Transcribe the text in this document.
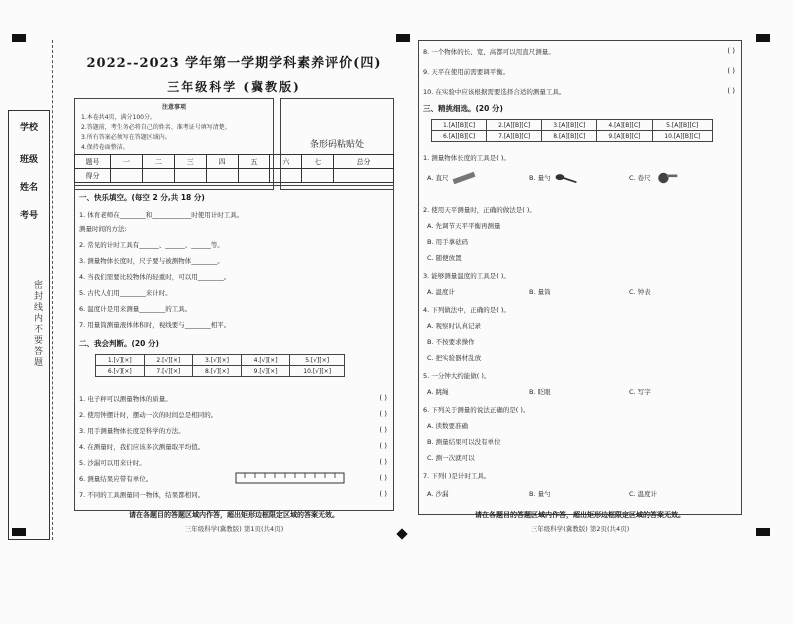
学校
班级
姓名
考号
密封线内不要答题
2022--2023 学年第一学期学科素养评价(四)
三年级科学 (冀教版)
注意事项
1.本卷共4页，满分100分。
2.答题前，考生务必将自己的姓名、准考证号填写清楚。
3.所有答案必须写在答题区域内。
4.保持卷面整洁。	条形码粘贴处
题号	一	二	三	四	五	六	七	总分
得分								
一、快乐填空。(每空 2 分,共 18 分)
1. 体育老师在________和____________时使用计时工具。
测量时间的方法:
2. 常见的计时工具有______、______、______等。
3. 测量物体长度时，尺子要与被测物体________。
4. 当我们需要比较物体的轻重时，可以用________。
5. 古代人们用________来计时。
6. 温度计是用来测量________的工具。
7. 用量筒测量液体体积时，视线要与________相平。
二、我会判断。(20 分)
1.[√][×]	2.[√][×]	3.[√][×]	4.[√][×]	5.[√][×]
6.[√][×]	7.[√][×]	8.[√][×]	9.[√][×]	10.[√][×]
1. 电子秤可以测量物体的质量。	( )
2. 使用钟摆计时，摆动一次的时间总是相同的。	( )
3. 用手测量物体长度是科学的方法。	( )
4. 在测量时，我们应该多次测量取平均值。	( )
5. 沙漏可以用来计时。	( )
6. 测量结果应带有单位。	( )
7. 不同的工具测量同一物体，结果都相同。	( )
请在各题目的答题区域内作答，超出矩形边框限定区域的答案无效。
三年级科学(冀教版) 第1页(共4页)
8. 一个物体的长、宽、高都可以用直尺测量。	( )
9. 天平在使用前需要调平衡。	( )
10. 在实验中应该根据需要选择合适的测量工具。	( )
三、精挑细选。(20 分)
1.[A][B][C]	2.[A][B][C]	3.[A][B][C]	4.[A][B][C]	5.[A][B][C]
6.[A][B][C]	7.[A][B][C]	8.[A][B][C]	9.[A][B][C]	10.[A][B][C]
1. 测量物体长度的工具是( )。
A. 直尺	B. 量勺	C. 卷尺
2. 使用天平测量时，正确的做法是( )。
A. 先调节天平平衡再测量
B. 用手拿砝码
C. 随便放置
3. 能够测量温度的工具是( )。
A. 温度计	B. 量筒	C. 钟表
4. 下列做法中，正确的是( )。
A. 观察时认真记录
B. 不按要求操作
C. 把实验器材乱放
5. 一分钟大约能做( )。
A. 跳绳	B. 眨眼	C. 写字
6. 下列关于测量的说法正确的是( )。
A. 读数要准确
B. 测量结果可以没有单位
C. 测一次就可以
7. 下列( )是计时工具。
A. 沙漏	B. 量勺	C. 温度计
请在各题目的答题区域内作答，超出矩形边框限定区域的答案无效。
三年级科学(冀教版) 第2页(共4页)
